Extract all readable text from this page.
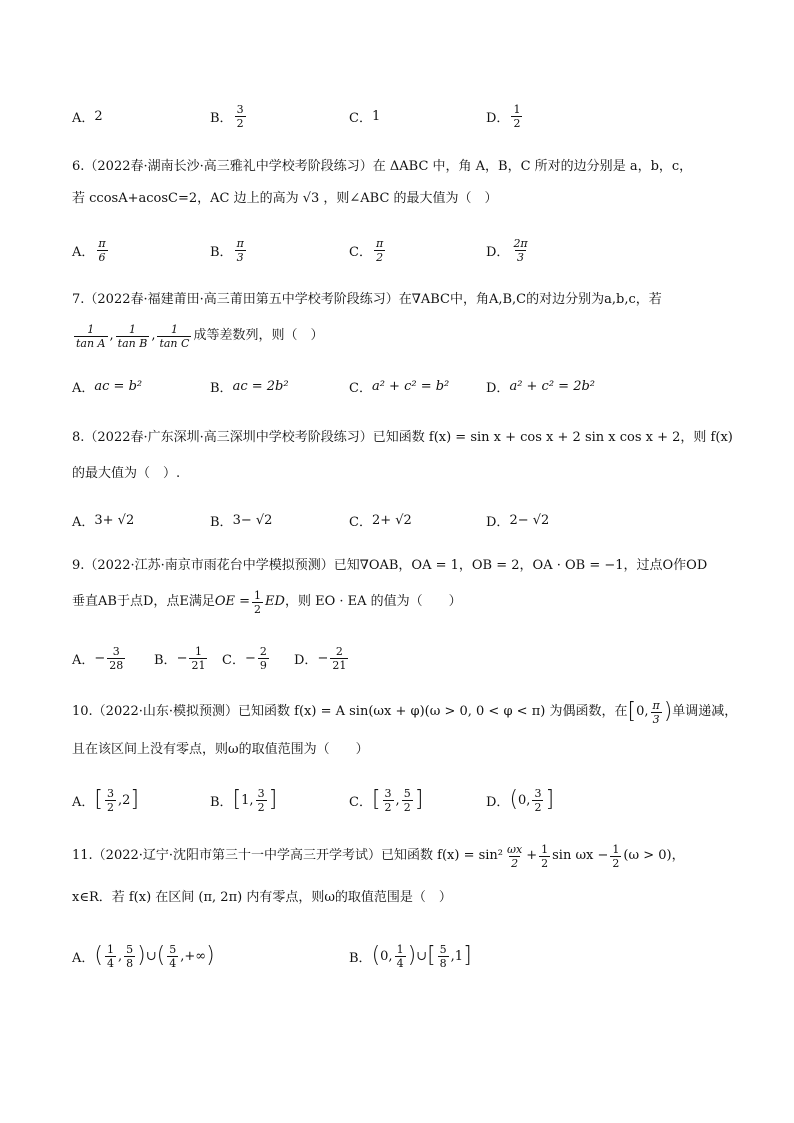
A． 2	B． $\frac{3}{2}$	C． 1	D． $\frac{1}{2}$
6.（2022春·湖南长沙·高三雅礼中学校考阶段练习）在 ΔABC 中，角 A，B，C 所对的边分别是 a，b，c，
若 ccosA+acosC=2，AC 边上的高为 √3 ，则∠ABC 的最大值为（　）
A． $\frac{\pi}{6}$	B． $\frac{\pi}{3}$	C． $\frac{\pi}{2}$	D． $\frac{2\pi}{3}$
7.（2022春·福建莆田·高三莆田第五中学校考阶段练习）在∇ABC中，角A,B,C的对边分别为a,b,c，若
$\frac{1}{\text{tan A}}$ , $\frac{1}{\text{tan B}}$ , $\frac{1}{\text{tan C}}$ 成等差数列，则（　）
A． ac = b²	B． ac = 2b²	C． a² + c² = b²	D． a² + c² = 2b²
8.（2022春·广东深圳·高三深圳中学校考阶段练习）已知函数 f(x) = sin x + cos x + 2 sin x cos x + 2，则 f(x)
的最大值为（　）.
A． 3+ √2	B． 3− √2	C． 2+ √2	D． 2− √2
9.（2022·江苏·南京市雨花台中学模拟预测）已知∇OAB，OA = 1，OB = 2，OA · OB = −1，过点O作OD
垂直AB于点D，点E满足 OE = $\frac{1}{2}$ ED ，则 EO · EA 的值为（　　）
A． − $\frac{3}{28}$ B． − $\frac{1}{21}$ C． − $\frac{2}{9}$ D． − $\frac{2}{21}$
10.（2022·山东·模拟预测）已知函数 f(x) = A sin(ωx + φ)(ω > 0, 0 < φ < π) 为偶函数，在 [ 0, $\frac{\pi}{3}$ ) 单调递减，
且在该区间上没有零点，则ω的取值范围为（　　）
A． [ $\frac{3}{2} ,2$ ]	B． [ 1, $\frac{3}{2}$ ]	C． [ $\frac{3}{2}$ , $\frac{5}{2}$ ]	D． ( 0, $\frac{3}{2}$ ]
11.（2022·辽宁·沈阳市第三十一中学高三开学考试）已知函数 $f(x) = \sin^2 \frac{\omega x}{2} + \frac{1}{2}$ $\sin \omega x - \frac{1}{2} (\omega > 0)$，
x∈R．若 f(x) 在区间 (π, 2π) 内有零点，则ω的取值范围是（　）
A． ( $\frac{1}{4}$ , $\frac{5}{8}$ ) ∪ ( $\frac{5}{4}$ ,+∞ )	B． ( 0, $\frac{1}{4}$ ) ∪ [ $\frac{5}{8} ,1$ ]
